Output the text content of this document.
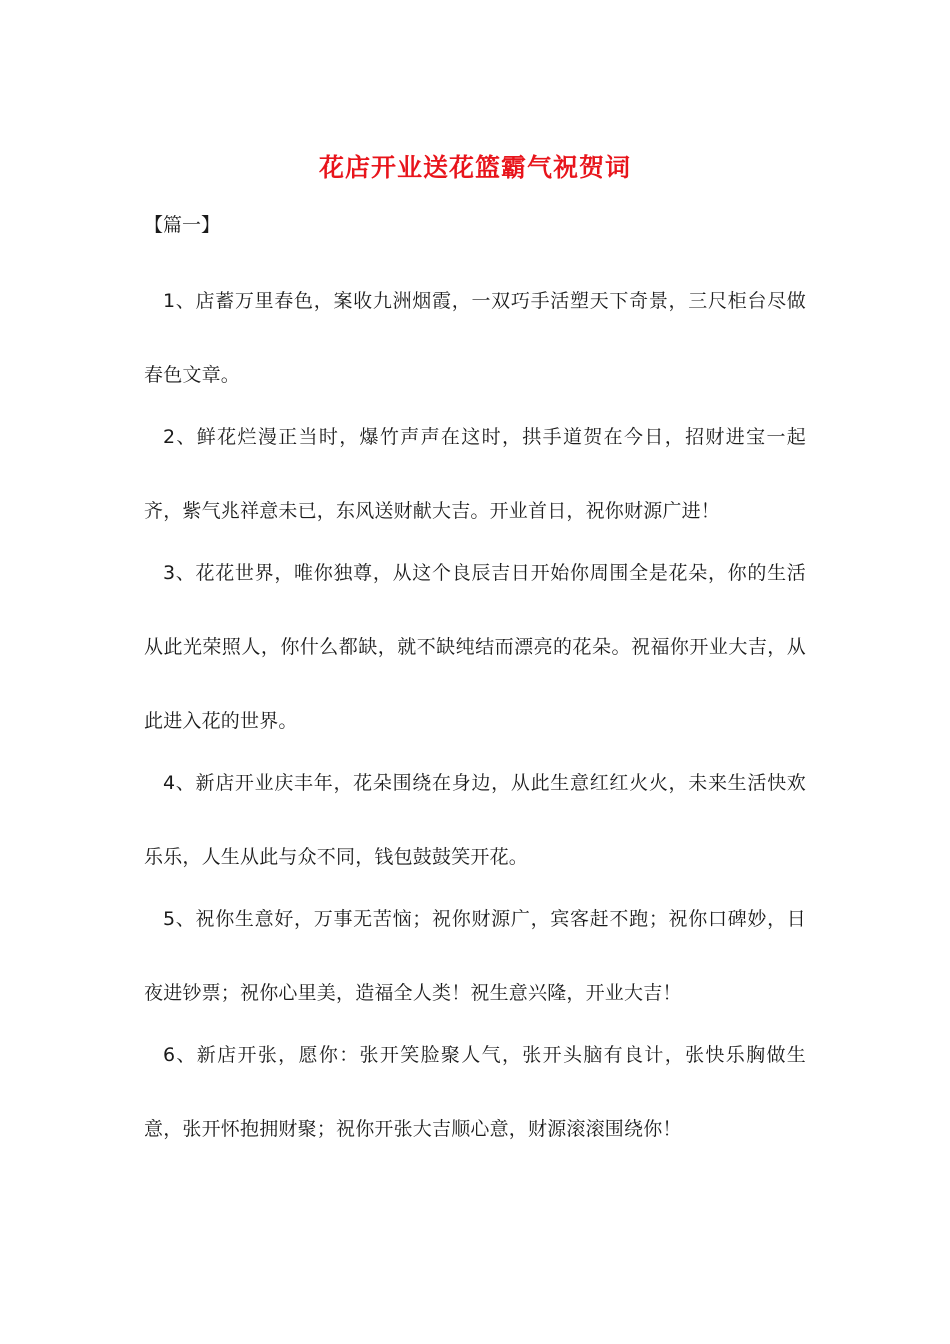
花店开业送花篮霸气祝贺词

【篇一】

1、店蓄万里春色，案收九洲烟霞，一双巧手活塑天下奇景，三尺柜台尽做春色文章。

2、鲜花烂漫正当时，爆竹声声在这时，拱手道贺在今日，招财进宝一起齐，紫气兆祥意未已，东风送财献大吉。开业首日，祝你财源广进！

3、花花世界，唯你独尊，从这个良辰吉日开始你周围全是花朵，你的生活从此光荣照人，你什么都缺，就不缺纯结而漂亮的花朵。祝福你开业大吉，从此进入花的世界。

4、新店开业庆丰年，花朵围绕在身边，从此生意红红火火，未来生活快欢乐乐，人生从此与众不同，钱包鼓鼓笑开花。

5、祝你生意好，万事无苦恼；祝你财源广，宾客赶不跑；祝你口碑妙，日夜进钞票；祝你心里美，造福全人类！祝生意兴隆，开业大吉！

6、新店开张，愿你：张开笑脸聚人气，张开头脑有良计，张快乐胸做生意，张开怀抱拥财聚；祝你开张大吉顺心意，财源滚滚围绕你！
